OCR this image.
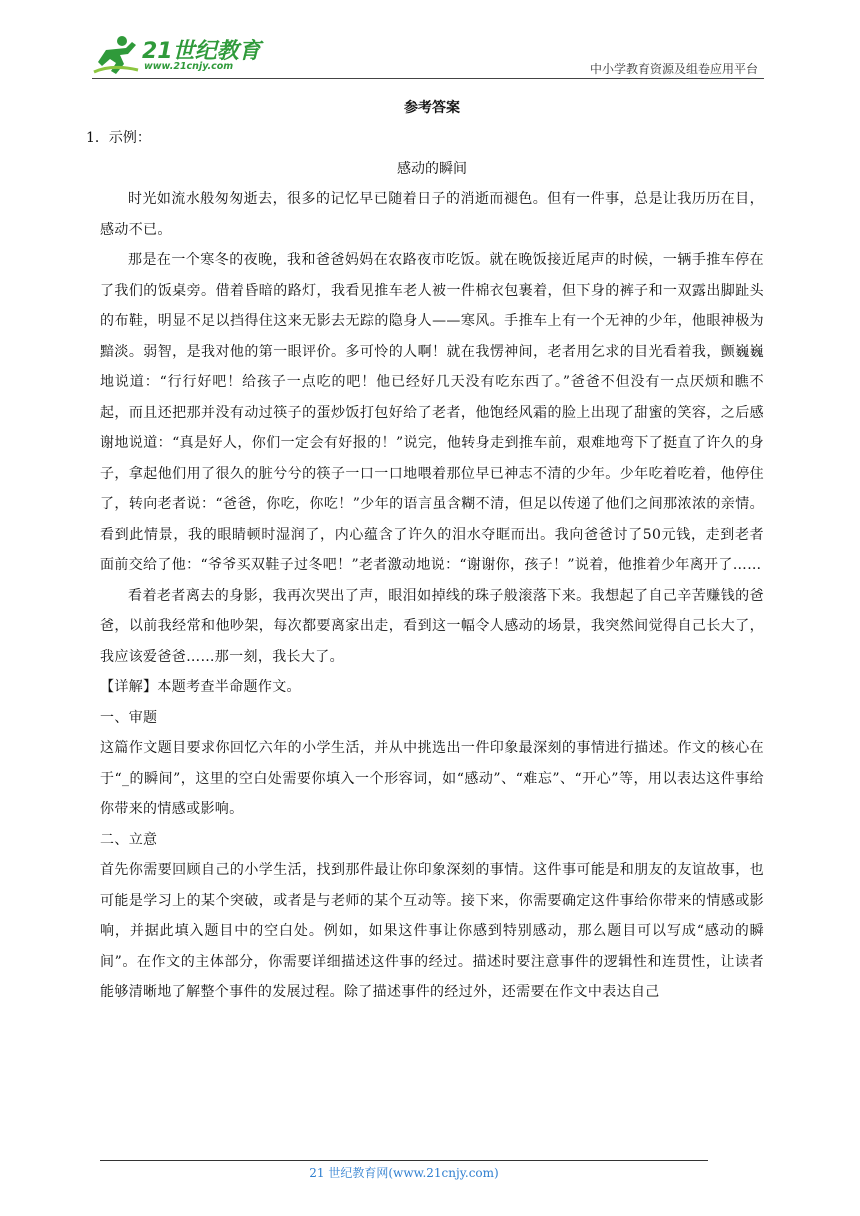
21世纪教育
www.21cnjy.com	中小学教育资源及组卷应用平台
参考答案

1．示例：

感动的瞬间

时光如流水般匆匆逝去，很多的记忆早已随着日子的消逝而褪色。但有一件事，总是让我历历在目，感动不已。

那是在一个寒冬的夜晚，我和爸爸妈妈在农路夜市吃饭。就在晚饭接近尾声的时候，一辆手推车停在了我们的饭桌旁。借着昏暗的路灯，我看见推车老人被一件棉衣包裹着，但下身的裤子和一双露出脚趾头的布鞋，明显不足以挡得住这来无影去无踪的隐身人——寒风。手推车上有一个无神的少年，他眼神极为黯淡。弱智，是我对他的第一眼评价。多可怜的人啊！就在我愣神间，老者用乞求的目光看着我，颤巍巍地说道：“行行好吧！给孩子一点吃的吧！他已经好几天没有吃东西了。”爸爸不但没有一点厌烦和瞧不起，而且还把那并没有动过筷子的蛋炒饭打包好给了老者，他饱经风霜的脸上出现了甜蜜的笑容，之后感谢地说道：“真是好人，你们一定会有好报的！”说完，他转身走到推车前，艰难地弯下了挺直了许久的身子，拿起他们用了很久的脏兮兮的筷子一口一口地喂着那位早已神志不清的少年。少年吃着吃着，他停住了，转向老者说：“爸爸，你吃，你吃！”少年的语言虽含糊不清，但足以传递了他们之间那浓浓的亲情。看到此情景，我的眼睛顿时湿润了，内心蕴含了许久的泪水夺眶而出。我向爸爸讨了50元钱，走到老者面前交给了他：“爷爷买双鞋子过冬吧！”老者激动地说：“谢谢你，孩子！”说着，他推着少年离开了……

看着老者离去的身影，我再次哭出了声，眼泪如掉线的珠子般滚落下来。我想起了自己辛苦赚钱的爸爸，以前我经常和他吵架，每次都要离家出走，看到这一幅令人感动的场景，我突然间觉得自己长大了，我应该爱爸爸……那一刻，我长大了。

【详解】本题考查半命题作文。

一、审题

这篇作文题目要求你回忆六年的小学生活，并从中挑选出一件印象最深刻的事情进行描述。作文的核心在于“_的瞬间”，这里的空白处需要你填入一个形容词，如“感动”、“难忘”、“开心”等，用以表达这件事给你带来的情感或影响。

二、立意

首先你需要回顾自己的小学生活，找到那件最让你印象深刻的事情。这件事可能是和朋友的友谊故事，也可能是学习上的某个突破，或者是与老师的某个互动等。接下来，你需要确定这件事给你带来的情感或影响，并据此填入题目中的空白处。例如，如果这件事让你感到特别感动，那么题目可以写成“感动的瞬间”。在作文的主体部分，你需要详细描述这件事的经过。描述时要注意事件的逻辑性和连贯性，让读者能够清晰地了解整个事件的发展过程。除了描述事件的经过外，还需要在作文中表达自己

21 世纪教育网(www.21cnjy.com)
